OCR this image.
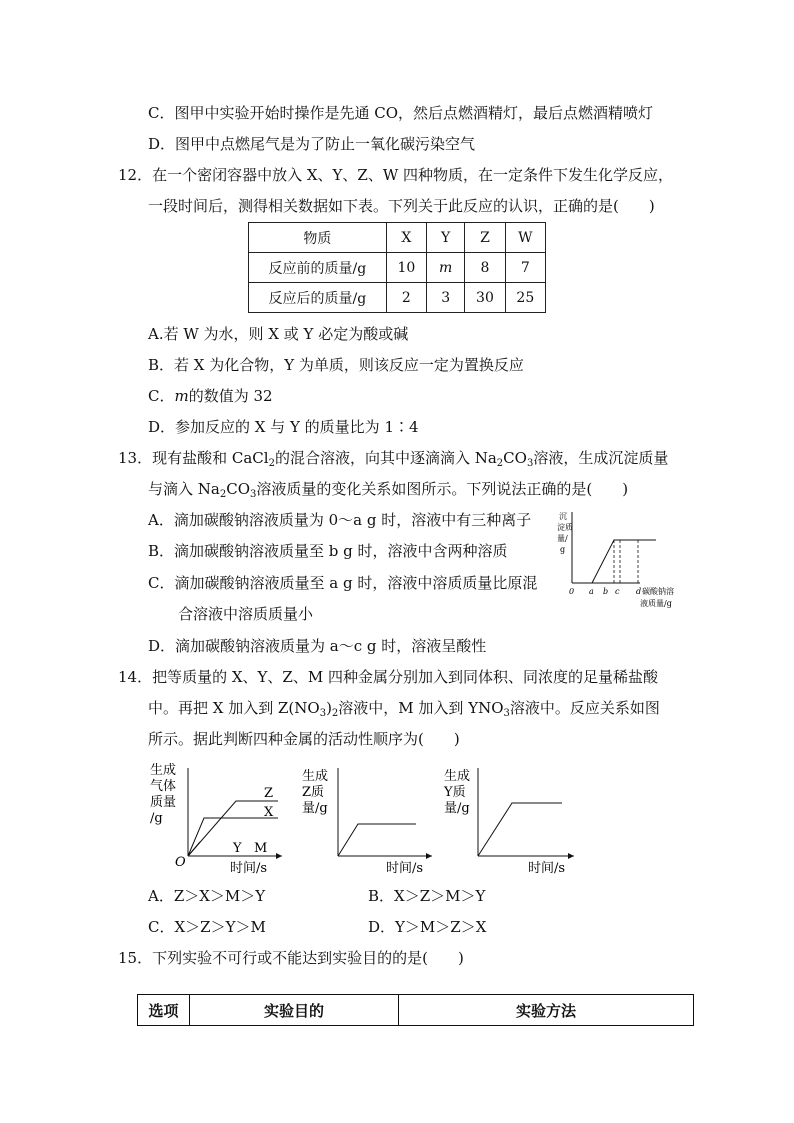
C．图甲中实验开始时操作是先通 CO，然后点燃酒精灯，最后点燃酒精喷灯
D．图甲中点燃尾气是为了防止一氧化碳污染空气
12．在一个密闭容器中放入 X、Y、Z、W 四种物质，在一定条件下发生化学反应，
一段时间后，测得相关数据如下表。下列关于此反应的认识，正确的是(　　)
物质	X	Y	Z	W
反应前的质量/g	10	m	8	7
反应后的质量/g	2	3	30	25
A.若 W 为水，则 X 或 Y 必定为酸或碱
B．若 X 为化合物，Y 为单质，则该反应一定为置换反应
C．m的数值为 32
D．参加反应的 X 与 Y 的质量比为 1∶4
13．现有盐酸和 CaCl$_2$的混合溶液，向其中逐滴滴入 $Na_2CO_3$溶液，生成沉淀质量
与滴入 $Na_2CO_3$溶液质量的变化关系如图所示。下列说法正确的是(　　)
A．滴加碳酸钠溶液质量为 0～a g 时，溶液中有三种离子
B．滴加碳酸钠溶液质量至 b g 时，溶液中含两种溶质
C．滴加碳酸钠溶液质量至 a g 时，溶液中溶质质量比原混
合溶液中溶质质量小
D．滴加碳酸钠溶液质量为 a～c g 时，溶液呈酸性
沉
淀质
量/
g
0 a b c d 碳酸钠溶
液质量/g
14．把等质量的 X、Y、Z、M 四种金属分别加入到同体积、同浓度的足量稀盐酸
中。再把 X 加入到 $Z(NO_3)_2$溶液中，M 加入到 $YNO_3$溶液中。反应关系如图
所示。据此判断四种金属的活动性顺序为(　　)
生成
气体
质量
/g
Z
X
Y M
O	时间/s
生成
Z质
量/g
时间/s
生成
Y质
量/g
时间/s
A．Z＞X＞M＞Y	B．X＞Z＞M＞Y
C．X＞Z＞Y＞M	D．Y＞M＞Z＞X
15．下列实验不可行或不能达到实验目的的是(　　)
选项	实验目的	实验方法
